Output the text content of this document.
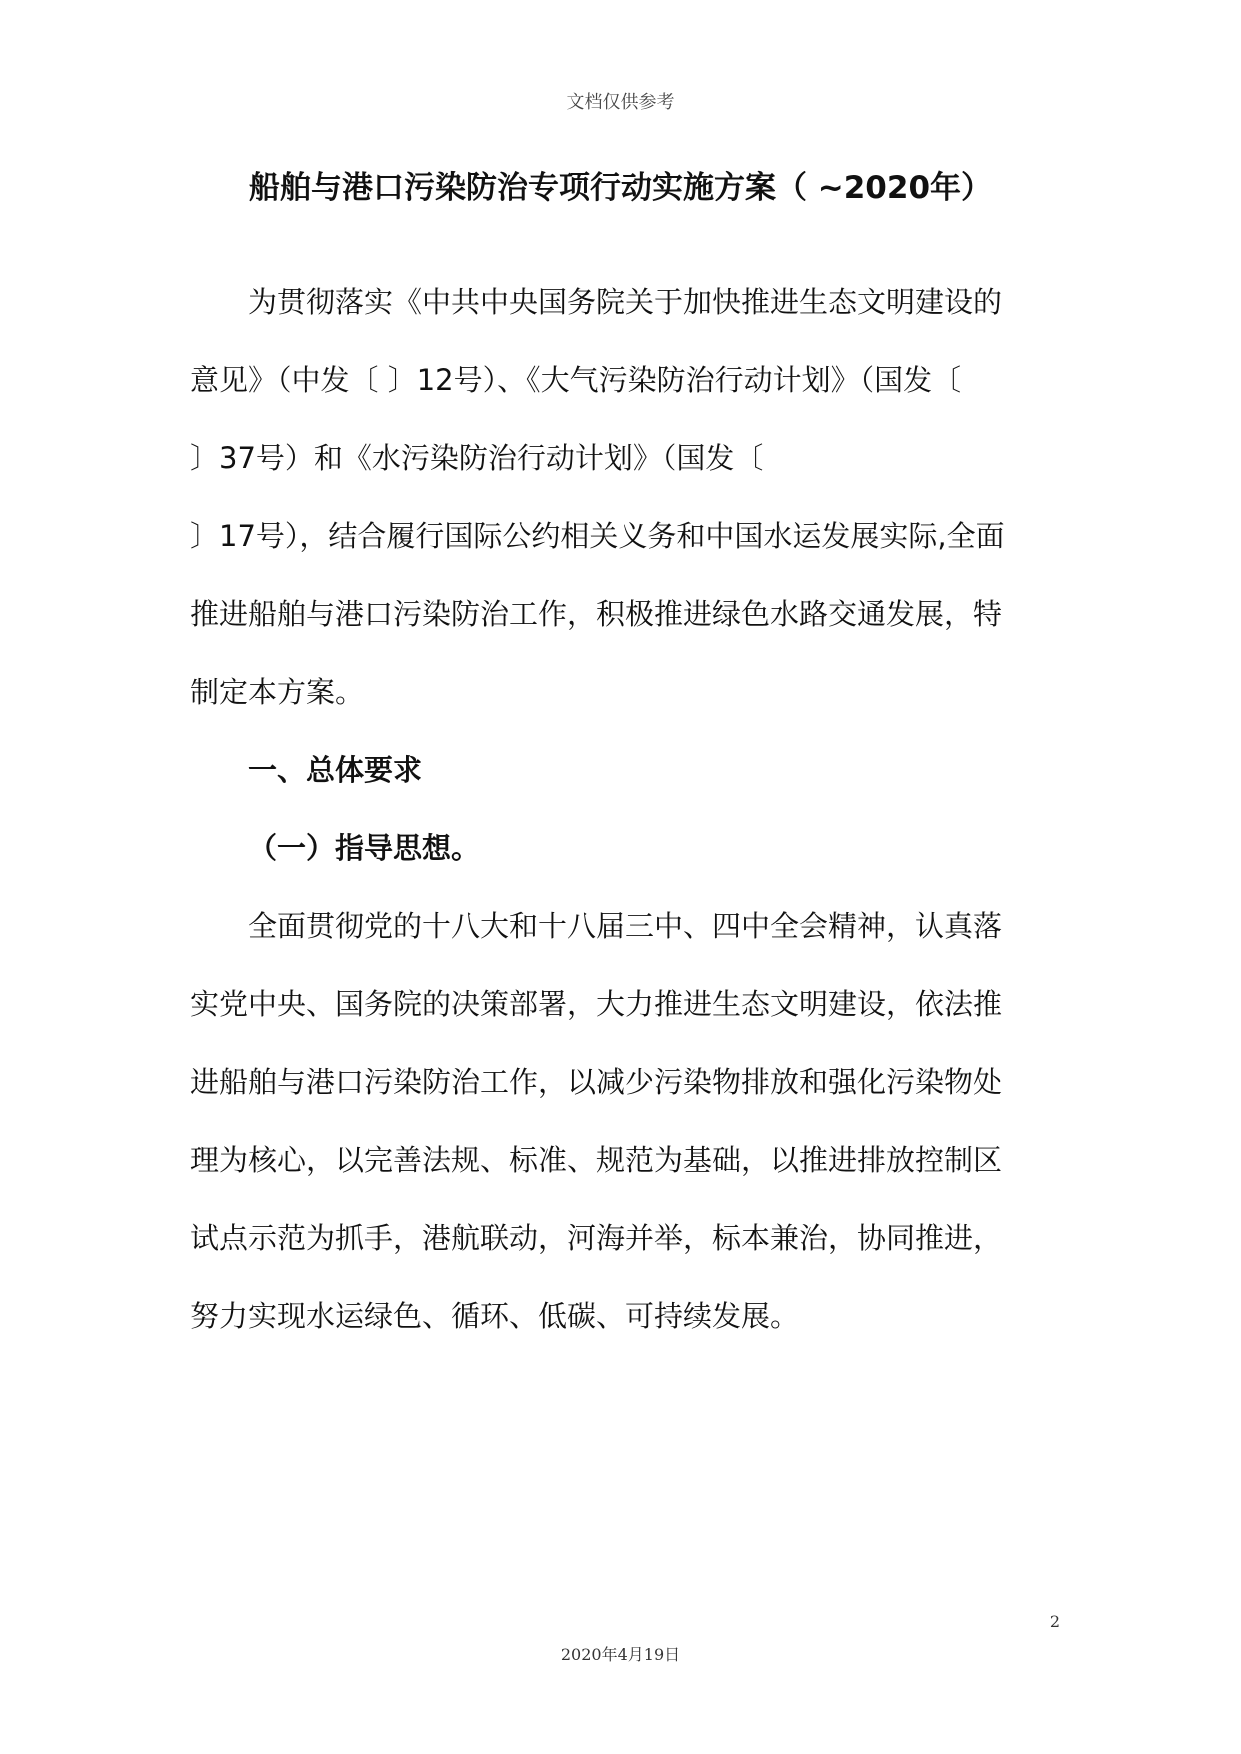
文档仅供参考
船舶与港口污染防治专项行动实施方案（ ~2020年）
为贯彻落实《中共中央国务院关于加快推进生态文明建设的
意见》（中发〔 〕12号）、《大气污染防治行动计划》（国发〔
〕37号）和《水污染防治行动计划》（国发〔
〕17号），结合履行国际公约相关义务和中国水运发展实际,全面
推进船舶与港口污染防治工作，积极推进绿色水路交通发展，特
制定本方案。
一、总体要求
（一）指导思想。
全面贯彻党的十八大和十八届三中、四中全会精神，认真落
实党中央、国务院的决策部署，大力推进生态文明建设，依法推
进船舶与港口污染防治工作，以减少污染物排放和强化污染物处
理为核心，以完善法规、标准、规范为基础，以推进排放控制区
试点示范为抓手，港航联动，河海并举，标本兼治，协同推进，
努力实现水运绿色、循环、低碳、可持续发展。
2
2020年4月19日
